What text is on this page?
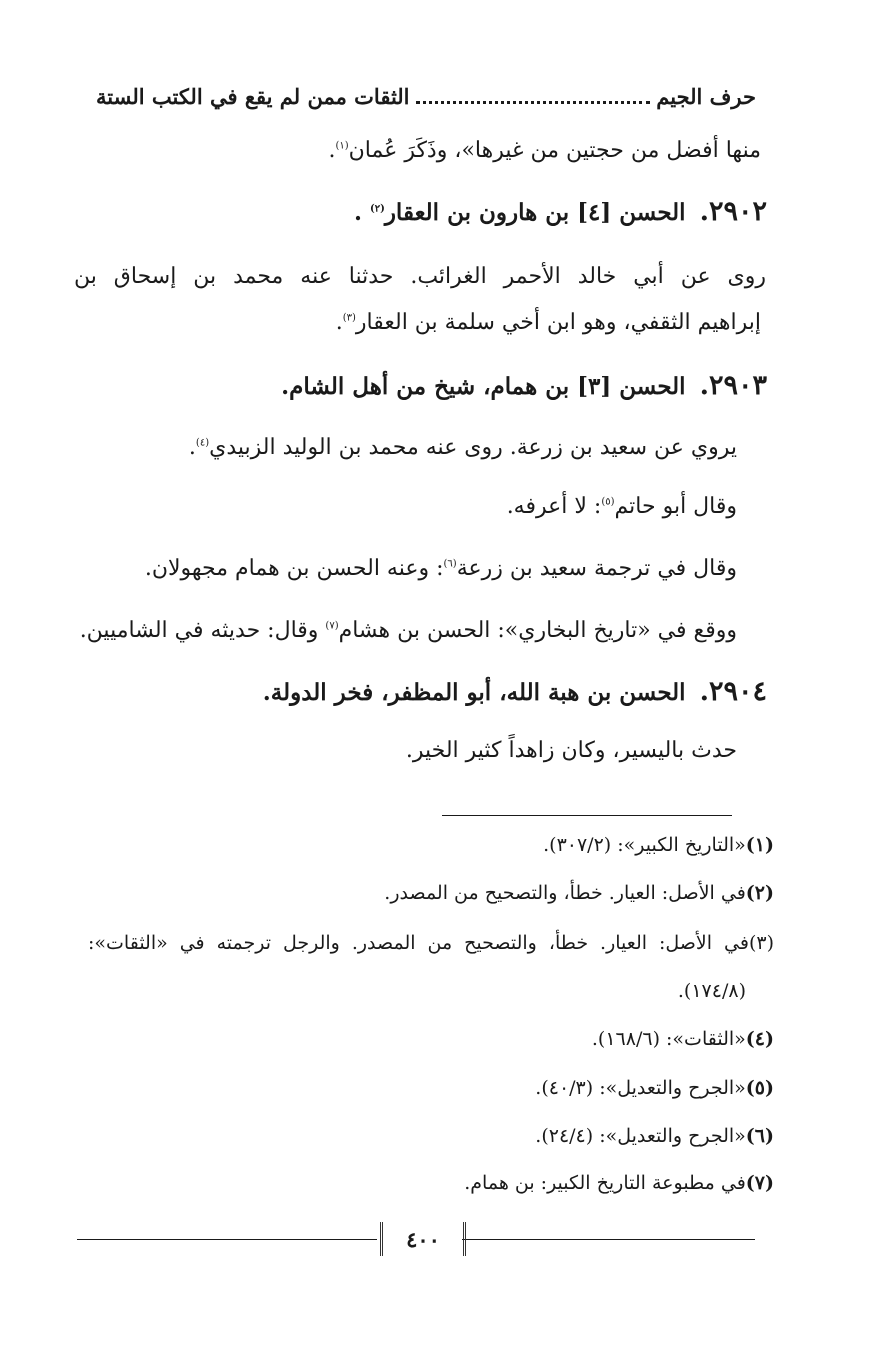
حرف الجيم
الثقات ممن لم يقع في الكتب الستة
منها أفضل من حجتين من غيرها»، وذَكَرَ عُمان$^{(١)}$.
٢٩٠٢.الحسن [٤] بن هارون بن العقار$^{(٢)}$ .
روى عن أبي خالد الأحمر الغرائب. حدثنا عنه محمد بن إسحاق بن
إبراهيم الثقفي، وهو ابن أخي سلمة بن العقار$^{(٣)}$.
٢٩٠٣.الحسن [٣] بن همام، شيخ من أهل الشام.
يروي عن سعيد بن زرعة. روى عنه محمد بن الوليد الزبيدي$^{(٤)}$.
وقال أبو حاتم$^{(٥)}$: لا أعرفه.
وقال في ترجمة سعيد بن زرعة$^{(٦)}$: وعنه الحسن بن همام مجهولان.
ووقع في «تاريخ البخاري»: الحسن بن هشام$^{(٧)}$ وقال: حديثه في الشاميين.
٢٩٠٤.الحسن بن هبة الله، أبو المظفر، فخر الدولة.
حدث باليسير، وكان زاهداً كثير الخير.
(١)«التاريخ الكبير»: (٣٠٧/٢).
(٢)في الأصل: العيار. خطأ، والتصحيح من المصدر.
(٣)في الأصل: العيار. خطأ، والتصحيح من المصدر. والرجل ترجمته في «الثقات»:
(١٧٤/٨).
(٤)«الثقات»: (١٦٨/٦).
(٥)«الجرح والتعديل»: (٤٠/٣).
(٦)«الجرح والتعديل»: (٢٤/٤).
(٧)في مطبوعة التاريخ الكبير: بن همام.
٤٠٠
